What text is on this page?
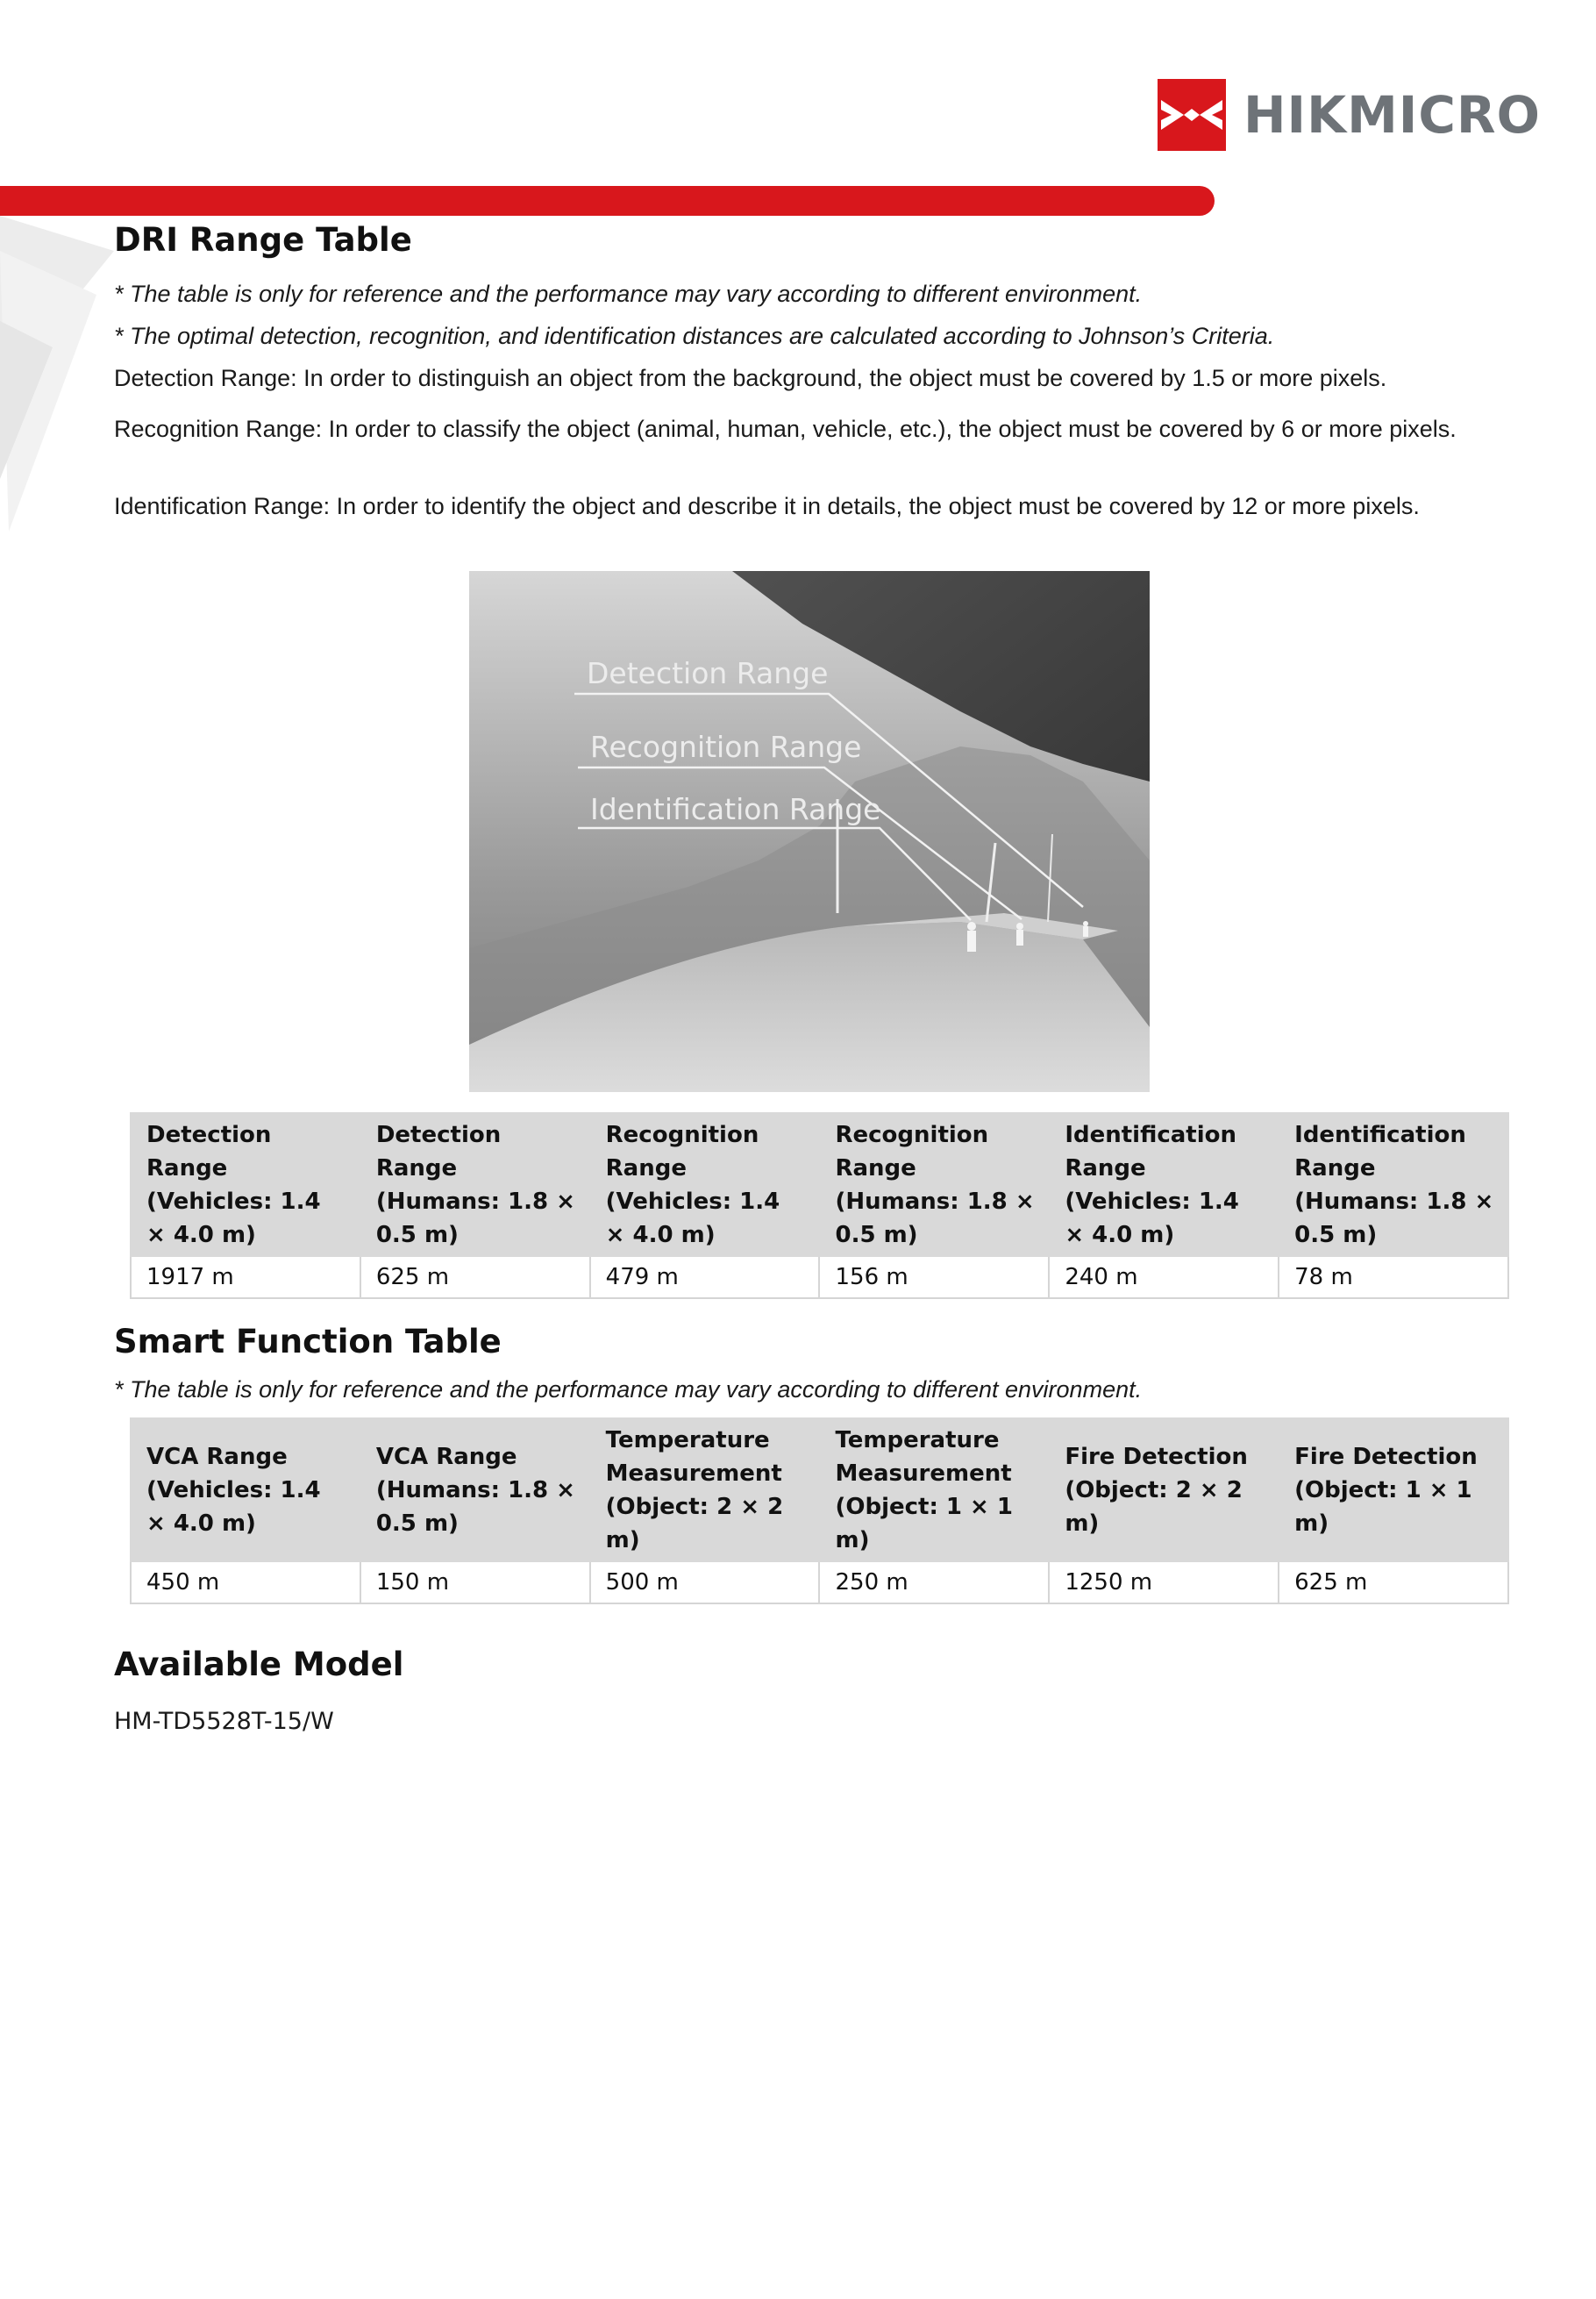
HIKMICRO
DRI Range Table
* The table is only for reference and the performance may vary according to different environment.
* The optimal detection, recognition, and identification distances are calculated according to Johnson’s Criteria.
Detection Range: In order to distinguish an object from the background, the object must be covered by 1.5 or more pixels.
Recognition Range: In order to classify the object (animal, human, vehicle, etc.), the object must be covered by 6 or more pixels.
Identification Range: In order to identify the object and describe it in details, the object must be covered by 12 or more pixels.
Detection Range
Recognition Range
Identification Range
Detection Range (Vehicles: 1.4 × 4.0 m)	Detection Range (Humans: 1.8 × 0.5 m)	Recognition Range (Vehicles: 1.4 × 4.0 m)	Recognition Range (Humans: 1.8 × 0.5 m)	Identification Range (Vehicles: 1.4 × 4.0 m)	Identification Range (Humans: 1.8 × 0.5 m)
1917 m	625 m	479 m	156 m	240 m	78 m
Smart Function Table
* The table is only for reference and the performance may vary according to different environment.
VCA Range (Vehicles: 1.4 × 4.0 m)	VCA Range (Humans: 1.8 × 0.5 m)	Temperature Measurement (Object: 2 × 2 m)	Temperature Measurement (Object: 1 × 1 m)	Fire Detection (Object: 2 × 2 m)	Fire Detection (Object: 1 × 1 m)
450 m	150 m	500 m	250 m	1250 m	625 m
Available Model
HM-TD5528T-15/W
